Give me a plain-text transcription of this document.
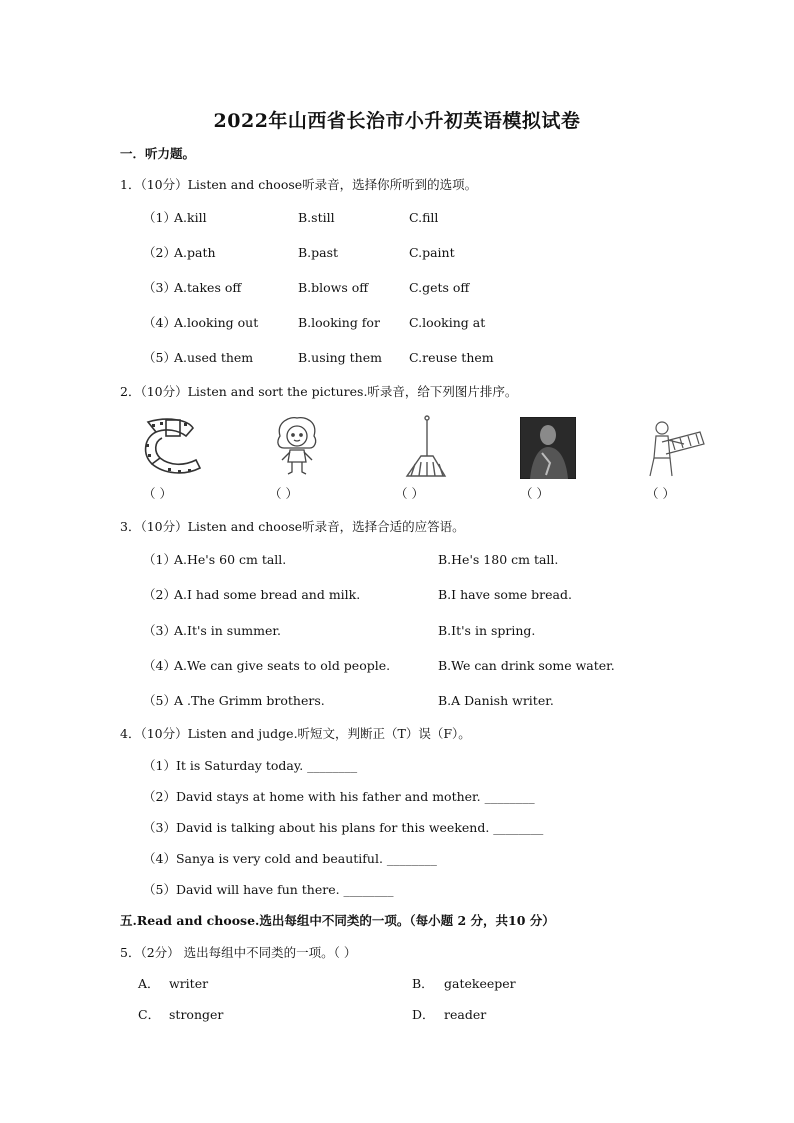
2022年山西省长治市小升初英语模拟试卷
一．听力题。
1．（10分）Listen and choose听录音，选择你所听到的选项。
（1）
A.kill	B.still	C.fill
（2）
A.path	B.past	C.paint
（3）
A.takes off	B.blows off	C.gets off
（4）
A.looking out	B.looking for C.looking at
（5）
A.used them	B.using them C.reuse them
2．（10分）Listen and sort the pictures.听录音，给下列图片排序。
（ ）	（ ）	（ ）	（ ）	（ ）
3．（10分）Listen and choose听录音，选择合适的应答语。
（1）
A.He's 60 cm tall.	B.He's 180 cm tall.
（2）
A.I had some bread and milk.	B.I have some bread.
（3）
A.It's in summer.	B.It's in spring.
（4）
A.We can give seats to old people.	B.We can drink some water.
（5）
A .The Grimm brothers.	B.A Danish writer.
4．（10分）Listen and judge.听短文，判断正（T）误（F）。
（1）It is Saturday today. ________
（2）David stays at home with his father and mother. ________
（3）David is talking about his plans for this weekend. ________
（4）Sanya is very cold and beautiful. ________
（5）David will have fun there. ________
五.Read and choose.选出每组中不同类的一项。（每小题 2 分，共10 分）
5．（2分） 选出每组中不同类的一项。（ ）
A． writer	B． gatekeeper
C． stronger	D． reader
